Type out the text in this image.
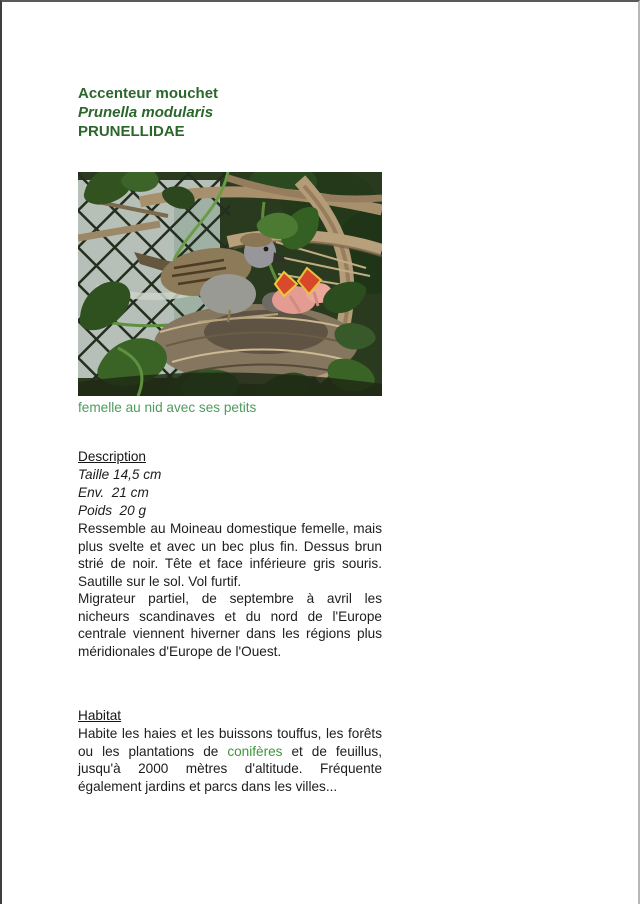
Accenteur mouchet
Prunella modularis
PRUNELLIDAE
femelle au nid avec ses petits
Description
Taille 14,5 cm
Env.  21 cm
Poids  20 g

Ressemble au Moineau domestique femelle, mais plus svelte et avec un bec plus fin. Dessus brun strié de noir. Tête et face inférieure gris souris. Sautille sur le sol. Vol furtif.

Migrateur partiel, de septembre à avril les nicheurs scandinaves et du nord de l'Europe centrale viennent hiverner dans les régions plus méridionales d'Europe de l'Ouest.

Habitat

Habite les haies et les buissons touffus, les forêts ou les plantations de conifères et de feuillus, jusqu'à 2000 mètres d'altitude. Fréquente également jardins et parcs dans les villes...
